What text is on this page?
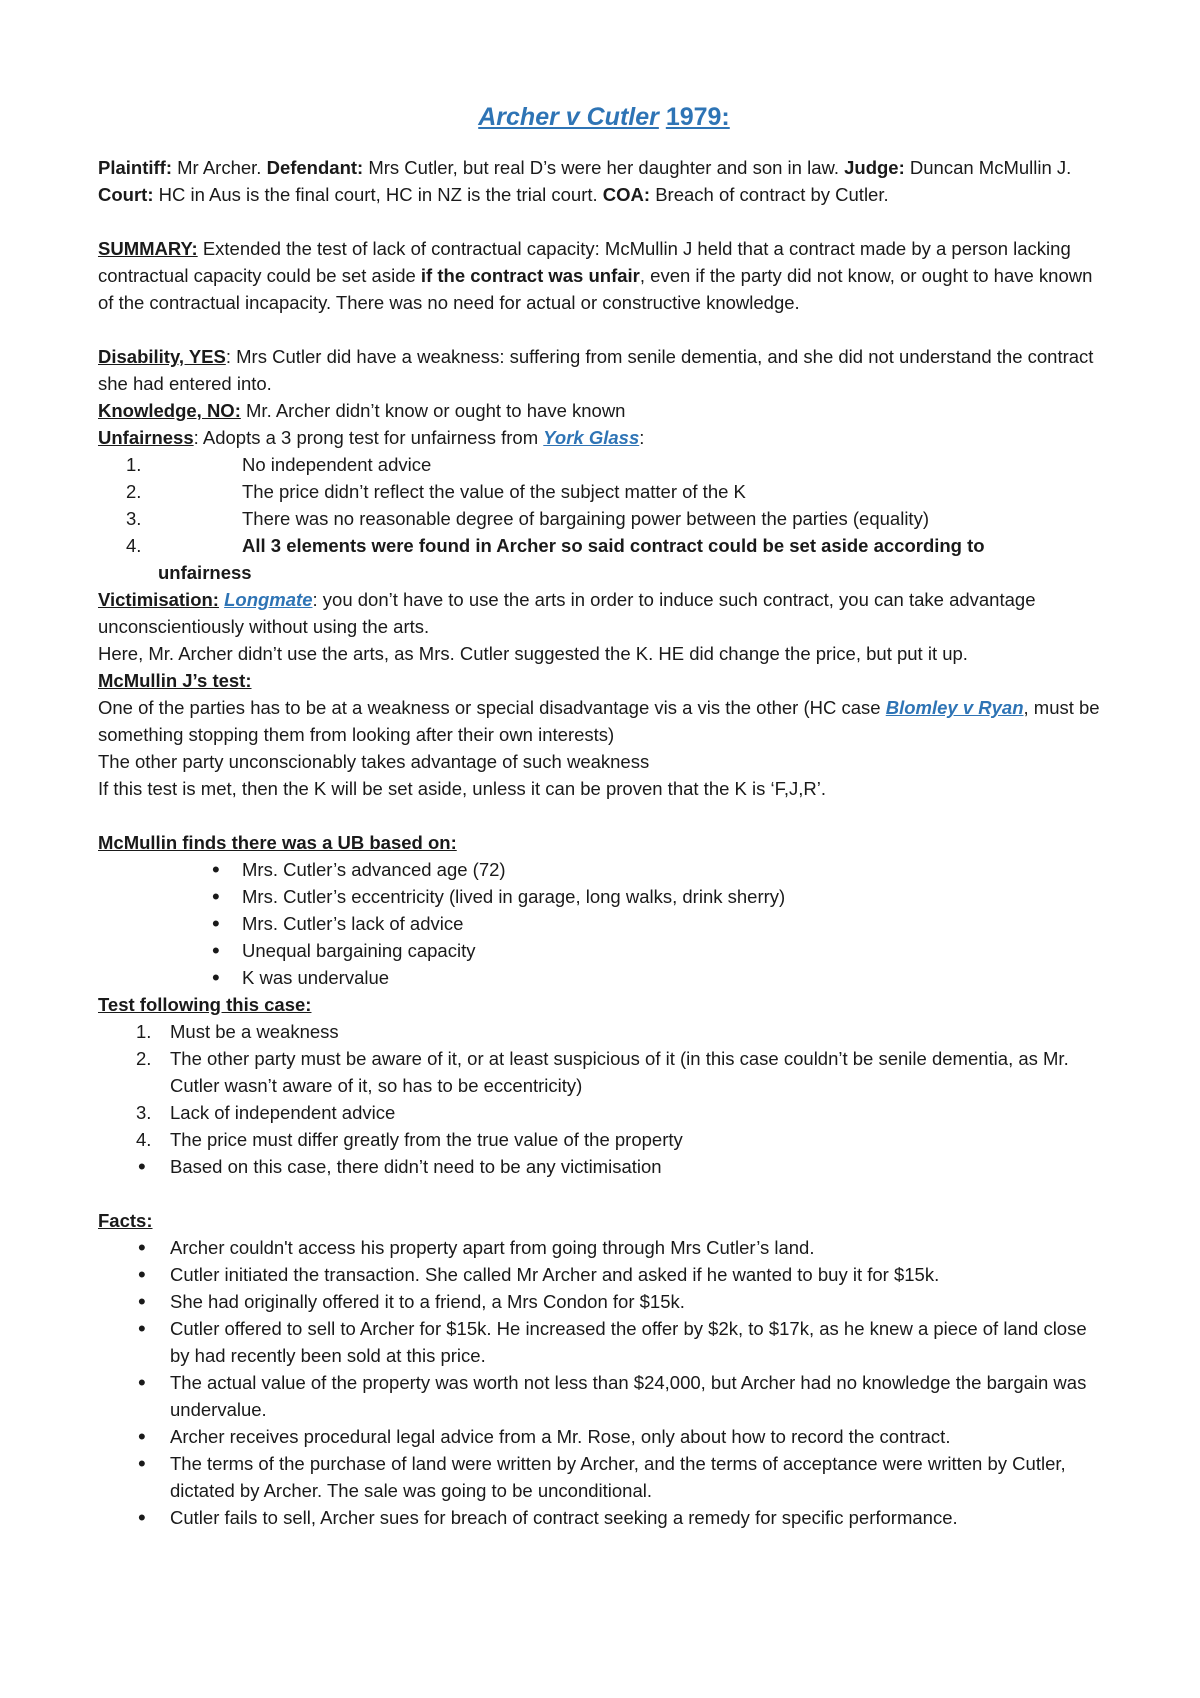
Archer v Cutler 1979:

Plaintiff: Mr Archer. Defendant: Mrs Cutler, but real D’s were her daughter and son in law. Judge: Duncan McMullin J. Court: HC in Aus is the final court, HC in NZ is the trial court. COA: Breach of contract by Cutler.

SUMMARY: Extended the test of lack of contractual capacity: McMullin J held that a contract made by a person lacking contractual capacity could be set aside if the contract was unfair, even if the party did not know, or ought to have known of the contractual incapacity. There was no need for actual or constructive knowledge.

Disability, YES: Mrs Cutler did have a weakness: suffering from senile dementia, and she did not understand the contract she had entered into.

Knowledge, NO: Mr. Archer didn’t know or ought to have known

Unfairness: Adopts a 3 prong test for unfairness from York Glass:

1.	No independent advice
2.	The price didn’t reflect the value of the subject matter of the K
3.	There was no reasonable degree of bargaining power between the parties (equality)
4.	All 3 elements were found in Archer so said contract could be set aside according to
unfairness

Victimisation: Longmate: you don’t have to use the arts in order to induce such contract, you can take advantage unconscientiously without using the arts.

Here, Mr. Archer didn’t use the arts, as Mrs. Cutler suggested the K. HE did change the price, but put it up.

McMullin J’s test:

One of the parties has to be at a weakness or special disadvantage vis a vis the other (HC case Blomley v Ryan, must be something stopping them from looking after their own interests)

The other party unconscionably takes advantage of such weakness

If this test is met, then the K will be set aside, unless it can be proven that the K is ‘F,J,R’.

McMullin finds there was a UB based on:

• Mrs. Cutler’s advanced age (72)
• Mrs. Cutler’s eccentricity (lived in garage, long walks, drink sherry)
• Mrs. Cutler’s lack of advice
• Unequal bargaining capacity
• K was undervalue

Test following this case:

1. Must be a weakness
2. The other party must be aware of it, or at least suspicious of it (in this case couldn’t be senile dementia, as Mr. Cutler wasn’t aware of it, so has to be eccentricity)
3. Lack of independent advice
4. The price must differ greatly from the true value of the property
• Based on this case, there didn’t need to be any victimisation

Facts:

• Archer couldn't access his property apart from going through Mrs Cutler’s land.
• Cutler initiated the transaction. She called Mr Archer and asked if he wanted to buy it for $15k.
• She had originally offered it to a friend, a Mrs Condon for $15k.
• Cutler offered to sell to Archer for $15k. He increased the offer by $2k, to $17k, as he knew a piece of land close by had recently been sold at this price.
• The actual value of the property was worth not less than $24,000, but Archer had no knowledge the bargain was undervalue.
• Archer receives procedural legal advice from a Mr. Rose, only about how to record the contract.
• The terms of the purchase of land were written by Archer, and the terms of acceptance were written by Cutler, dictated by Archer. The sale was going to be unconditional.
• Cutler fails to sell, Archer sues for breach of contract seeking a remedy for specific performance.
